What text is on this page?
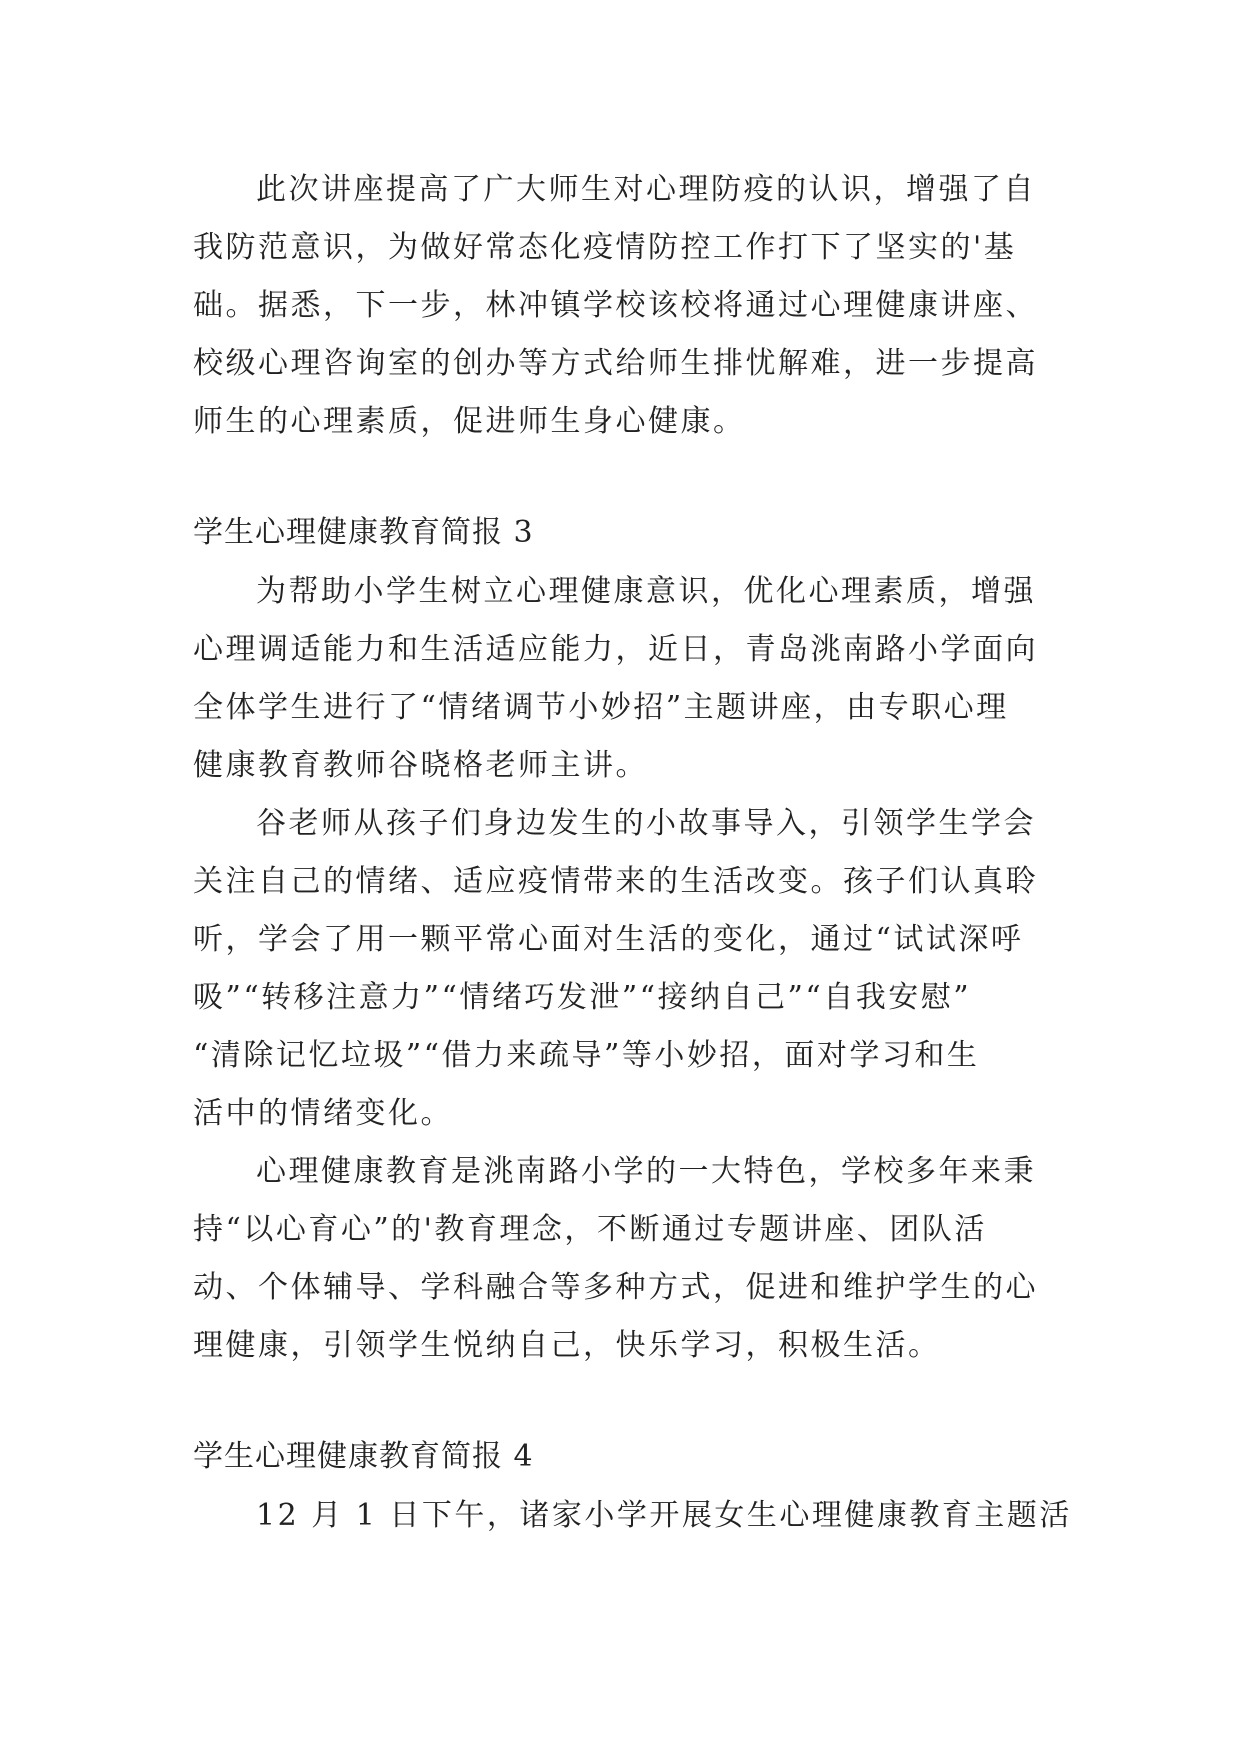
此次讲座提高了广大师生对心理防疫的认识，增强了自
我防范意识，为做好常态化疫情防控工作打下了坚实的'基
础。据悉，下一步，林冲镇学校该校将通过心理健康讲座、
校级心理咨询室的创办等方式给师生排忧解难，进一步提高
师生的心理素质，促进师生身心健康。
学生心理健康教育简报 3
为帮助小学生树立心理健康意识，优化心理素质，增强
心理调适能力和生活适应能力，近日，青岛洮南路小学面向
全体学生进行了“情绪调节小妙招”主题讲座，由专职心理
健康教育教师谷晓格老师主讲。
谷老师从孩子们身边发生的小故事导入，引领学生学会
关注自己的情绪、适应疫情带来的生活改变。孩子们认真聆
听，学会了用一颗平常心面对生活的变化，通过“试试深呼
吸”“转移注意力”“情绪巧发泄”“接纳自己”“自我安慰”
“清除记忆垃圾”“借力来疏导”等小妙招，面对学习和生
活中的情绪变化。
心理健康教育是洮南路小学的一大特色，学校多年来秉
持“以心育心”的'教育理念，不断通过专题讲座、团队活
动、个体辅导、学科融合等多种方式，促进和维护学生的心
理健康，引领学生悦纳自己，快乐学习，积极生活。
学生心理健康教育简报 4
12 月 1 日下午，诸家小学开展女生心理健康教育主题活
